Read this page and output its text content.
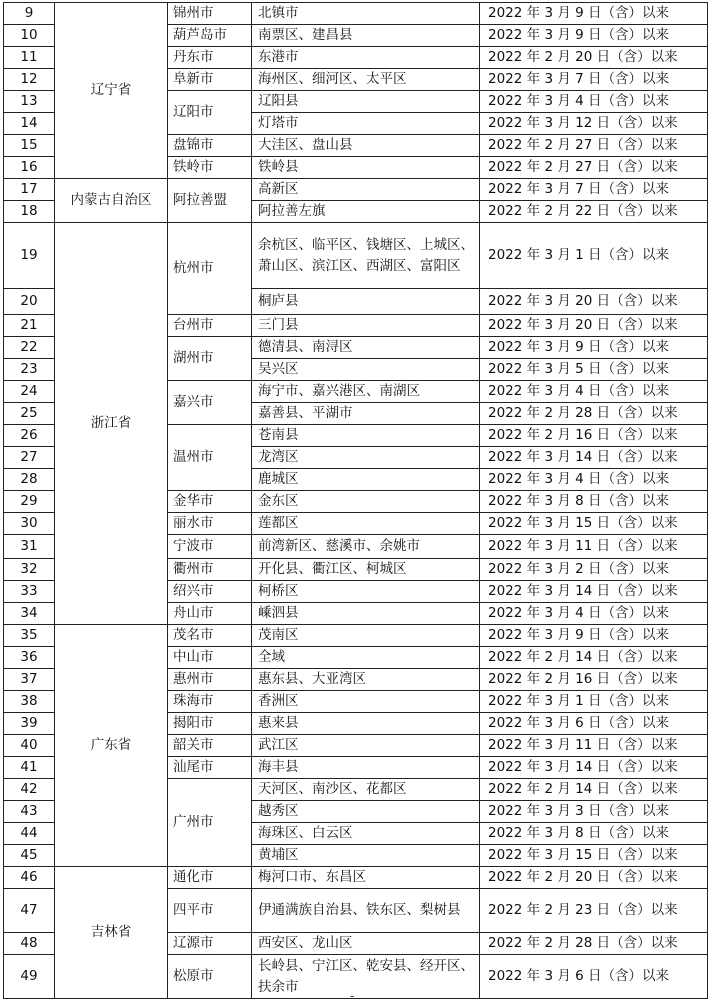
9	辽宁省	锦州市	北镇市	2022 年 3 月 9 日（含）以来
10		葫芦岛市	南票区、建昌县	2022 年 3 月 9 日（含）以来
11		丹东市	东港市	2022 年 2 月 20 日（含）以来
12		阜新市	海州区、细河区、太平区	2022 年 3 月 7 日（含）以来
13		辽阳市	辽阳县	2022 年 3 月 4 日（含）以来
14			灯塔市	2022 年 3 月 12 日（含）以来
15		盘锦市	大洼区、盘山县	2022 年 2 月 27 日（含）以来
16		铁岭市	铁岭县	2022 年 2 月 27 日（含）以来
17	内蒙古自治区	阿拉善盟	高新区	2022 年 3 月 7 日（含）以来
18			阿拉善左旗	2022 年 2 月 22 日（含）以来
19	浙江省	杭州市	余杭区、临平区、钱塘区、上城区、萧山区、滨江区、西湖区、富阳区	2022 年 3 月 1 日（含）以来
20			桐庐县	2022 年 3 月 20 日（含）以来
21		台州市	三门县	2022 年 3 月 20 日（含）以来
22		湖州市	德清县、南浔区	2022 年 3 月 9 日（含）以来
23			吴兴区	2022 年 3 月 5 日（含）以来
24		嘉兴市	海宁市、嘉兴港区、南湖区	2022 年 3 月 4 日（含）以来
25			嘉善县、平湖市	2022 年 2 月 28 日（含）以来
26		温州市	苍南县	2022 年 2 月 16 日（含）以来
27			龙湾区	2022 年 3 月 14 日（含）以来
28			鹿城区	2022 年 3 月 4 日（含）以来
29		金华市	金东区	2022 年 3 月 8 日（含）以来
30		丽水市	莲都区	2022 年 3 月 15 日（含）以来
31		宁波市	前湾新区、慈溪市、余姚市	2022 年 3 月 11 日（含）以来
32		衢州市	开化县、衢江区、柯城区	2022 年 3 月 2 日（含）以来
33		绍兴市	柯桥区	2022 年 3 月 14 日（含）以来
34		舟山市	嵊泗县	2022 年 3 月 4 日（含）以来
35	广东省	茂名市	茂南区	2022 年 3 月 9 日（含）以来
36		中山市	全域	2022 年 2 月 14 日（含）以来
37		惠州市	惠东县、大亚湾区	2022 年 2 月 16 日（含）以来
38		珠海市	香洲区	2022 年 3 月 1 日（含）以来
39		揭阳市	惠来县	2022 年 3 月 6 日（含）以来
40		韶关市	武江区	2022 年 3 月 11 日（含）以来
41		汕尾市	海丰县	2022 年 3 月 14 日（含）以来
42		广州市	天河区、南沙区、花都区	2022 年 2 月 14 日（含）以来
43			越秀区	2022 年 3 月 3 日（含）以来
44			海珠区、白云区	2022 年 3 月 8 日（含）以来
45			黄埔区	2022 年 3 月 15 日（含）以来
46	吉林省	通化市	梅河口市、东昌区	2022 年 2 月 20 日（含）以来
47		四平市	伊通满族自治县、铁东区、梨树县	2022 年 2 月 23 日（含）以来
48		辽源市	西安区、龙山区	2022 年 2 月 28 日（含）以来
49		松原市	长岭县、宁江区、乾安县、经开区、扶余市	2022 年 3 月 6 日（含）以来
-
